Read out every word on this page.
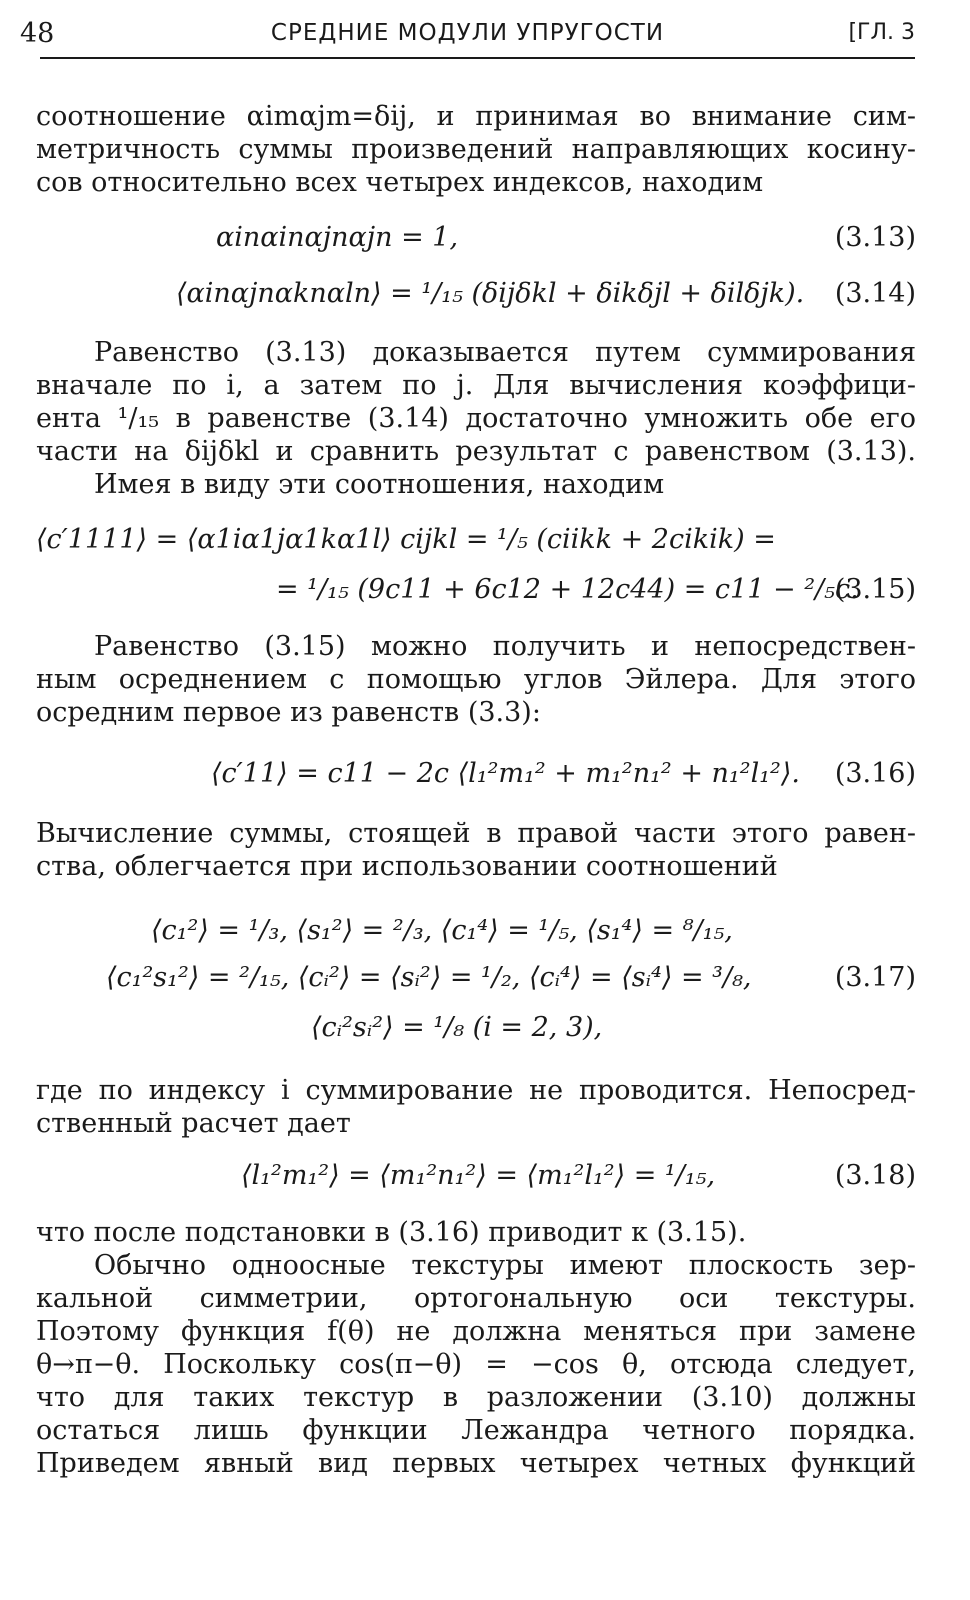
48	СРЕДНИЕ МОДУЛИ УПРУГОСТИ	[ГЛ. 3
соотношение αimαjm=δij, и принимая во внимание сим-
метричность суммы произведений направляющих косину-
сов относительно всех четырех индексов, находим
αinαinαjnαjn = 1,	(3.13)
⟨αinαjnαknαln⟩ = ¹/₁₅ (δijδkl + δikδjl + δilδjk). (3.14)
Равенство (3.13) доказывается путем суммирования
вначале по i, а затем по j. Для вычисления коэффици-
ента ¹/₁₅ в равенстве (3.14) достаточно умножить обе его
части на δijδkl и сравнить результат с равенством (3.13).
Имея в виду эти соотношения, находим
⟨c′1111⟩ = ⟨α1iα1jα1kα1l⟩ cijkl = ¹/₅ (ciikk + 2cikik) =
= ¹/₁₅ (9c11 + 6c12 + 12c44) = c11 − ²/₅c.
(3.15)
Равенство (3.15) можно получить и непосредствен-
ным осреднением с помощью углов Эйлера. Для этого
осредним первое из равенств (3.3):
⟨c′11⟩ = c11 − 2c ⟨l₁²m₁² + m₁²n₁² + n₁²l₁²⟩. (3.16)
Вычисление суммы, стоящей в правой части этого равен-
ства, облегчается при использовании соотношений
⟨c₁²⟩ = ¹/₃, ⟨s₁²⟩ = ²/₃, ⟨c₁⁴⟩ = ¹/₅, ⟨s₁⁴⟩ = ⁸/₁₅,
⟨c₁²s₁²⟩ = ²/₁₅, ⟨cᵢ²⟩ = ⟨sᵢ²⟩ = ¹/₂, ⟨cᵢ⁴⟩ = ⟨sᵢ⁴⟩ = ³/₈,	(3.17)
⟨cᵢ²sᵢ²⟩ = ¹/₈ (i = 2, 3),
где по индексу i суммирование не проводится. Непосред-
ственный расчет дает
⟨l₁²m₁²⟩ = ⟨m₁²n₁²⟩ = ⟨m₁²l₁²⟩ = ¹/₁₅,	(3.18)
что после подстановки в (3.16) приводит к (3.15).
Обычно одноосные текстуры имеют плоскость зер-
кальной симметрии, ортогональную оси текстуры.
Поэтому функция f(θ) не должна меняться при замене
θ→π−θ. Поскольку cos(π−θ) = −cos θ, отсюда следует,
что для таких текстур в разложении (3.10) должны
остаться лишь функции Лежандра четного порядка.
Приведем явный вид первых четырех четных функций
